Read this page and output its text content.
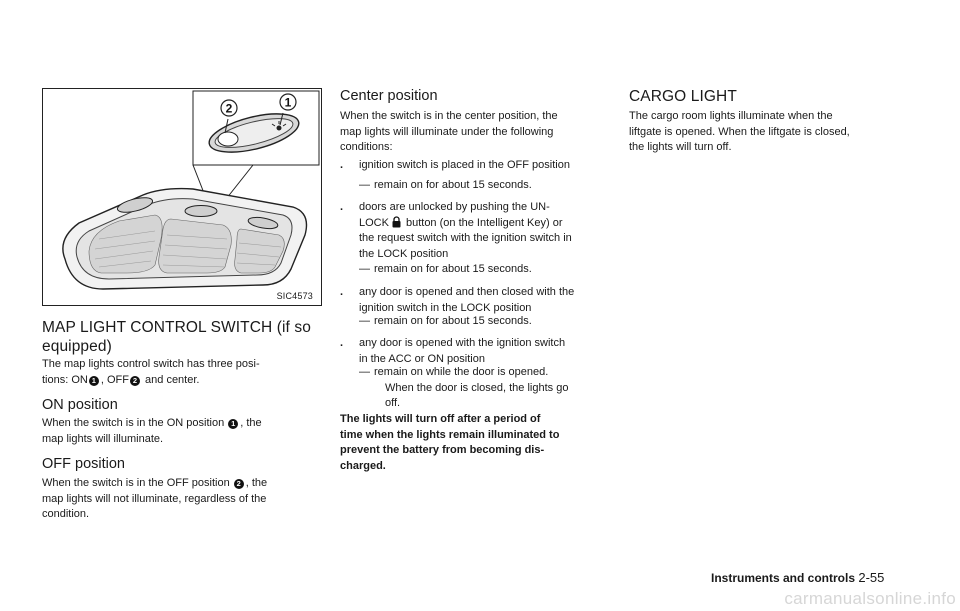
2	1
SIC4573
MAP LIGHT CONTROL SWITCH (if so
equipped)

The map lights control switch has three posi-
tions: ON 1 , OFF 2 and center.

ON position

When the switch is in the ON position 1 , the
map lights will illuminate.

OFF position

When the switch is in the OFF position 2 , the
map lights will not illuminate, regardless of the
condition.

Center position

When the switch is in the center position, the
map lights will illuminate under the following
conditions:

. ignition switch is placed in the OFF position
— remain on for about 15 seconds.
. doors are unlocked by pushing the UN-
LOCK button (on the Intelligent Key) or
the request switch with the ignition switch in
the LOCK position
— remain on for about 15 seconds.
. any door is opened and then closed with the
ignition switch in the LOCK position
— remain on for about 15 seconds.
. any door is opened with the ignition switch
in the ACC or ON position
— remain on while the door is opened.
When the door is closed, the lights go
off.

The lights will turn off after a period of
time when the lights remain illuminated to
prevent the battery from becoming dis-
charged.

CARGO LIGHT

The cargo room lights illuminate when the
liftgate is opened. When the liftgate is closed,
the lights will turn off.

Instruments and controls 2-55
carmanualsonline.info
